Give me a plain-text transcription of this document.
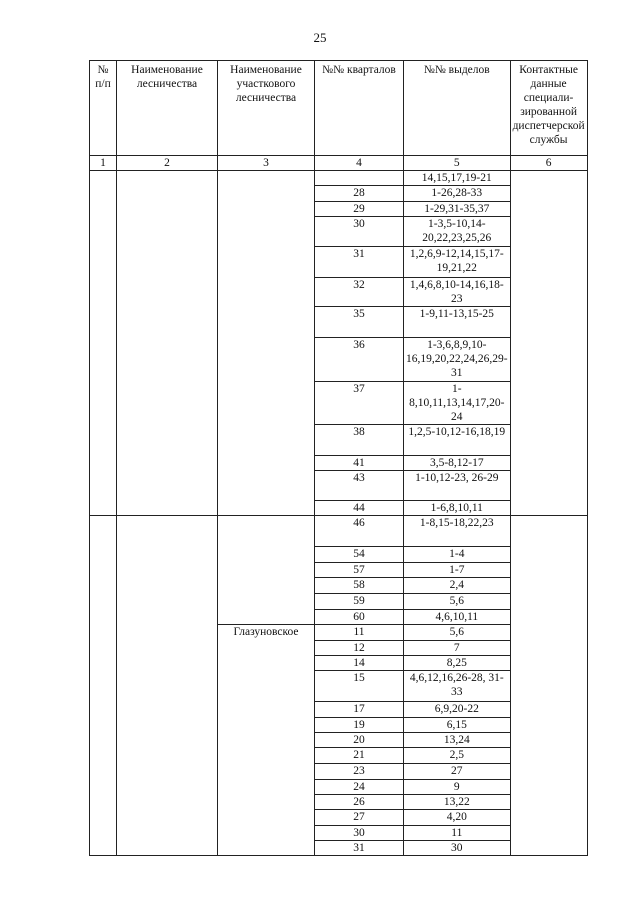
25
№ п/п	Наименование лесничества	Наименование участкового лесничества	№№ кварталов	№№ выделов	Контактные данные специали-зированной диспетчерской службы
1	2	3	4	5	6
				14,15,17,19-21	
			28	1-26,28-33	
			29	1-29,31-35,37	
			30	1-3,5-10,14-20,22,23,25,26	
			31	1,2,6,9-12,14,15,17-19,21,22	
			32	1,4,6,8,10-14,16,18-23	
			35	1-9,11-13,15-25	
			36	1-3,6,8,9,10-16,19,20,22,24,26,29-31	
			37	1-8,10,11,13,14,17,20-24	
			38	1,2,5-10,12-16,18,19	
			41	3,5-8,12-17	
			43	1-10,12-23, 26-29	
			44	1-6,8,10,11	
			46	1-8,15-18,22,23	
			54	1-4	
			57	1-7	
			58	2,4	
			59	5,6	
			60	4,6,10,11	
		Глазуновское	11	5,6	
			12	7	
			14	8,25	
			15	4,6,12,16,26-28, 31-33	
			17	6,9,20-22	
			19	6,15	
			20	13,24	
			21	2,5	
			23	27	
			24	9	
			26	13,22	
			27	4,20	
			30	11	
			31	30	
